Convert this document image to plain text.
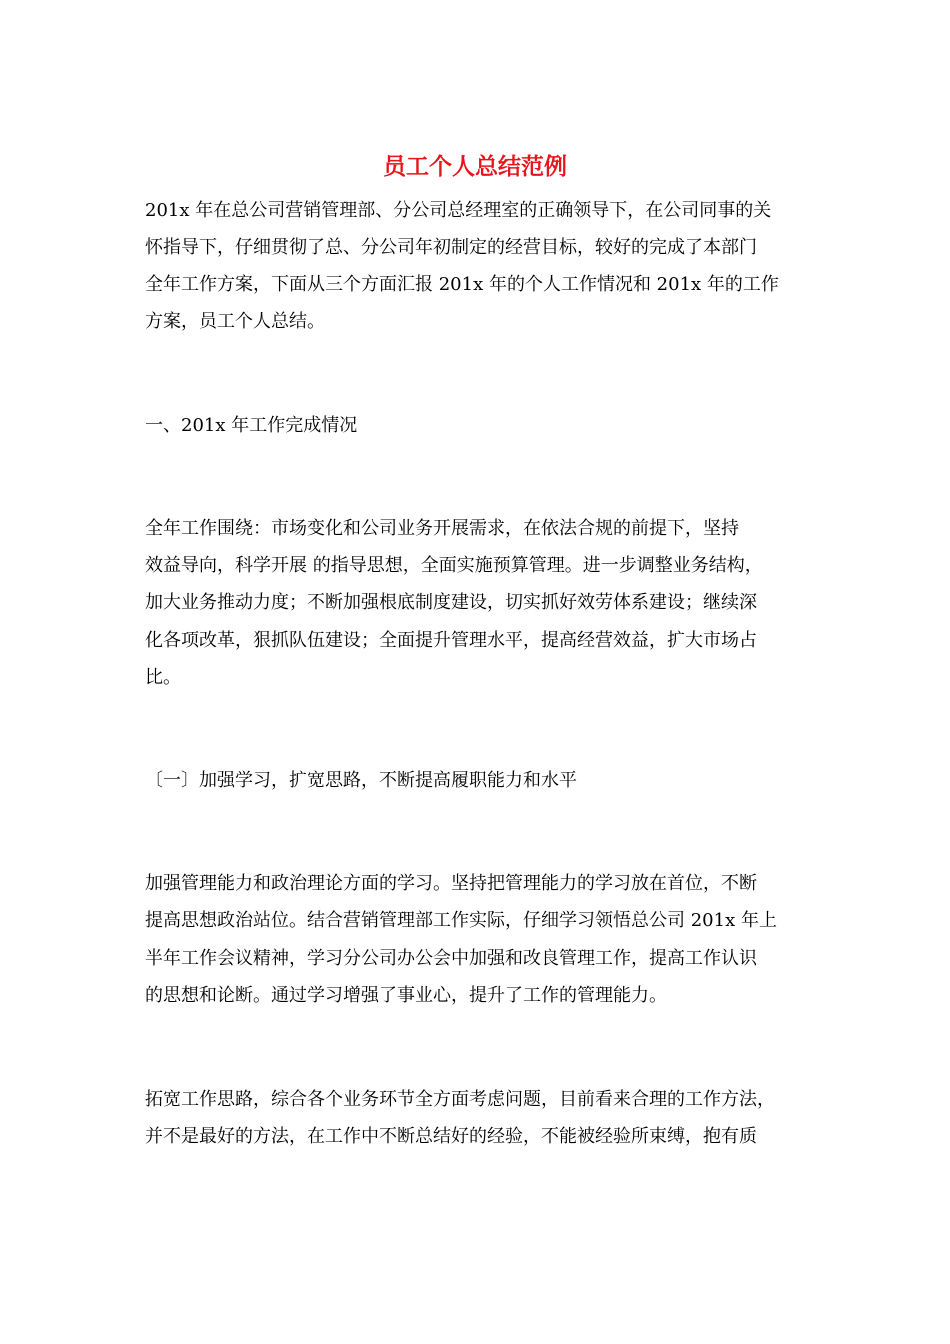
员工个人总结范例
201x 年在总公司营销管理部、分公司总经理室的正确领导下，在公司同事的关
怀指导下，仔细贯彻了总、分公司年初制定的经营目标，较好的完成了本部门
全年工作方案，下面从三个方面汇报 201x 年的个人工作情况和 201x 年的工作
方案，员工个人总结。
一、201x 年工作完成情况
全年工作围绕：市场变化和公司业务开展需求，在依法合规的前提下，坚持
效益导向，科学开展 的指导思想，全面实施预算管理。进一步调整业务结构，
加大业务推动力度；不断加强根底制度建设，切实抓好效劳体系建设；继续深
化各项改革，狠抓队伍建设；全面提升管理水平，提高经营效益，扩大市场占
比。
〔一〕加强学习，扩宽思路，不断提高履职能力和水平
加强管理能力和政治理论方面的学习。坚持把管理能力的学习放在首位，不断
提高思想政治站位。结合营销管理部工作实际，仔细学习领悟总公司 201x 年上
半年工作会议精神，学习分公司办公会中加强和改良管理工作，提高工作认识
的思想和论断。通过学习增强了事业心，提升了工作的管理能力。
拓宽工作思路，综合各个业务环节全方面考虑问题，目前看来合理的工作方法，
并不是最好的方法，在工作中不断总结好的经验，不能被经验所束缚，抱有质
